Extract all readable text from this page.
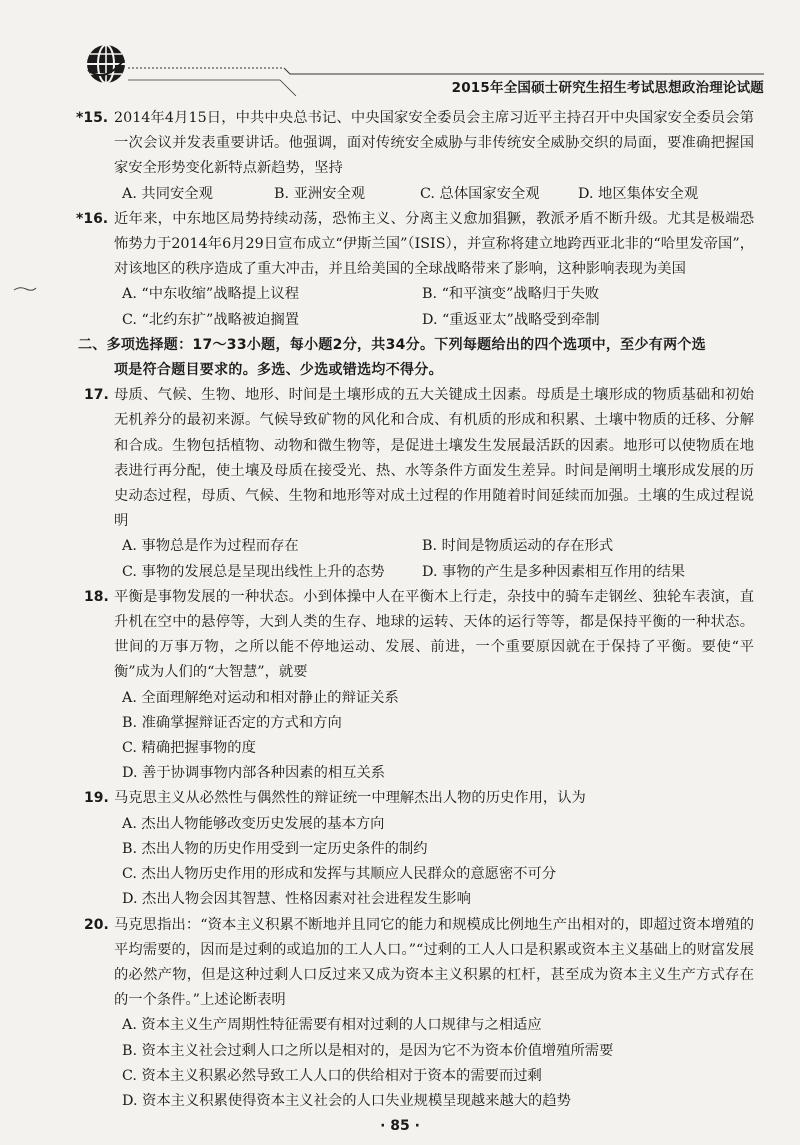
2015年全国硕士研究生招生考试思想政治理论试题
*15. 2014年4月15日，中共中央总书记、中央国家安全委员会主席习近平主持召开中央国家安全委员会第一次会议并发表重要讲话。他强调，面对传统安全威胁与非传统安全威胁交织的局面，要准确把握国家安全形势变化新特点新趋势，坚持
A. 共同安全观	B. 亚洲安全观	C. 总体国家安全观	D. 地区集体安全观
*16. 近年来，中东地区局势持续动荡，恐怖主义、分离主义愈加猖獗，教派矛盾不断升级。尤其是极端恐怖势力于2014年6月29日宣布成立“伊斯兰国”（ISIS），并宣称将建立地跨西亚北非的“哈里发帝国”，对该地区的秩序造成了重大冲击，并且给美国的全球战略带来了影响，这种影响表现为美国
A. “中东收缩”战略提上议程	B. “和平演变”战略归于失败
C. “北约东扩”战略被迫搁置	D. “重返亚太”战略受到牵制
二、多项选择题：17～33小题，每小题2分，共34分。下列每题给出的四个选项中，至少有两个选
项是符合题目要求的。多选、少选或错选均不得分。
17. 母质、气候、生物、地形、时间是土壤形成的五大关键成土因素。母质是土壤形成的物质基础和初始无机养分的最初来源。气候导致矿物的风化和合成、有机质的形成和积累、土壤中物质的迁移、分解和合成。生物包括植物、动物和微生物等，是促进土壤发生发展最活跃的因素。地形可以使物质在地表进行再分配，使土壤及母质在接受光、热、水等条件方面发生差异。时间是阐明土壤形成发展的历史动态过程，母质、气候、生物和地形等对成土过程的作用随着时间延续而加强。土壤的生成过程说明
A. 事物总是作为过程而存在	B. 时间是物质运动的存在形式
C. 事物的发展总是呈现出线性上升的态势	D. 事物的产生是多种因素相互作用的结果
18. 平衡是事物发展的一种状态。小到体操中人在平衡木上行走，杂技中的骑车走钢丝、独轮车表演，直升机在空中的悬停等，大到人类的生存、地球的运转、天体的运行等等，都是保持平衡的一种状态。世间的万事万物，之所以能不停地运动、发展、前进，一个重要原因就在于保持了平衡。要使“平衡”成为人们的“大智慧”，就要
A. 全面理解绝对运动和相对静止的辩证关系
B. 准确掌握辩证否定的方式和方向
C. 精确把握事物的度
D. 善于协调事物内部各种因素的相互关系
19. 马克思主义从必然性与偶然性的辩证统一中理解杰出人物的历史作用，认为
A. 杰出人物能够改变历史发展的基本方向
B. 杰出人物的历史作用受到一定历史条件的制约
C. 杰出人物历史作用的形成和发挥与其顺应人民群众的意愿密不可分
D. 杰出人物会因其智慧、性格因素对社会进程发生影响
20. 马克思指出：“资本主义积累不断地并且同它的能力和规模成比例地生产出相对的，即超过资本增殖的平均需要的，因而是过剩的或追加的工人人口。”“过剩的工人人口是积累或资本主义基础上的财富发展的必然产物，但是这种过剩人口反过来又成为资本主义积累的杠杆，甚至成为资本主义生产方式存在的一个条件。”上述论断表明
A. 资本主义生产周期性特征需要有相对过剩的人口规律与之相适应
B. 资本主义社会过剩人口之所以是相对的，是因为它不为资本价值增殖所需要
C. 资本主义积累必然导致工人人口的供给相对于资本的需要而过剩
D. 资本主义积累使得资本主义社会的人口失业规模呈现越来越大的趋势
· 85 ·
